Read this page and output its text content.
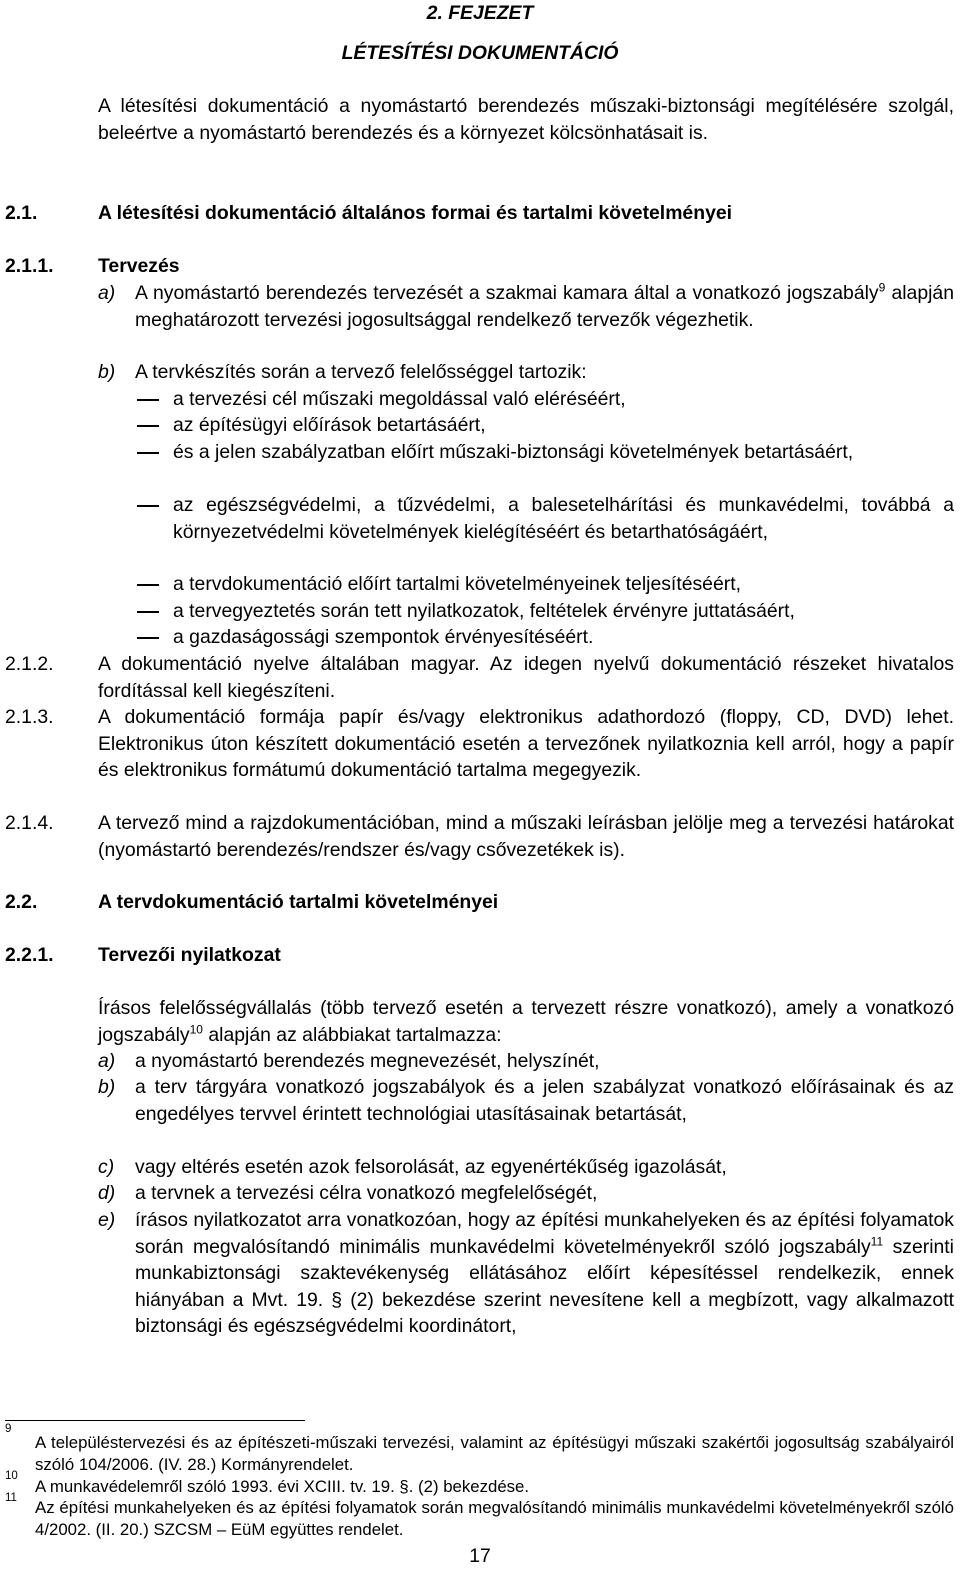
2. FEJEZET
LÉTESÍTÉSI DOKUMENTÁCIÓ
A létesítési dokumentáció a nyomástartó berendezés műszaki-biztonsági megítélésére szolgál, beleértve a nyomástartó berendezés és a környezet kölcsönhatásait is.
2.1.	A létesítési dokumentáció általános formai és tartalmi követelményei
2.1.1. Tervezés
a) A nyomástartó berendezés tervezését a szakmai kamara által a vonatkozó jogszabály$^9$ alapján meghatározott tervezési jogosultsággal rendelkező tervezők végezhetik.
b) A tervkészítés során a tervező felelősséggel tartozik:
a tervezési cél műszaki megoldással való eléréséért,
az építésügyi előírások betartásáért,
és a jelen szabályzatban előírt műszaki-biztonsági követelmények betartásáért,
az egészségvédelmi, a tűzvédelmi, a balesetelhárítási és munkavédelmi, továbbá a környezetvédelmi követelmények kielégítéséért és betarthatóságáért,
a tervdokumentáció előírt tartalmi követelményeinek teljesítéséért,
a tervegyeztetés során tett nyilatkozatok, feltételek érvényre juttatásáért,
a gazdaságossági szempontok érvényesítéséért.
2.1.2. A dokumentáció nyelve általában magyar. Az idegen nyelvű dokumentáció részeket hivatalos fordítással kell kiegészíteni.
2.1.3. A dokumentáció formája papír és/vagy elektronikus adathordozó (floppy, CD, DVD) lehet. Elektronikus úton készített dokumentáció esetén a tervezőnek nyilatkoznia kell arról, hogy a papír és elektronikus formátumú dokumentáció tartalma megegyezik.
2.1.4. A tervező mind a rajzdokumentációban, mind a műszaki leírásban jelölje meg a tervezési határokat (nyomástartó berendezés/rendszer és/vagy csővezetékek is).
2.2.	A tervdokumentáció tartalmi követelményei
2.2.1. Tervezői nyilatkozat
Írásos felelősségvállalás (több tervező esetén a tervezett részre vonatkozó), amely a vonatkozó jogszabály$^{10}$ alapján az alábbiakat tartalmazza:
a) a nyomástartó berendezés megnevezését, helyszínét,
b) a terv tárgyára vonatkozó jogszabályok és a jelen szabályzat vonatkozó előírásainak és az engedélyes tervvel érintett technológiai utasításainak betartását,
c) vagy eltérés esetén azok felsorolását, az egyenértékűség igazolását,
d) a tervnek a tervezési célra vonatkozó megfelelőségét,
e) írásos nyilatkozatot arra vonatkozóan, hogy az építési munkahelyeken és az építési folyamatok során megvalósítandó minimális munkavédelmi követelményekről szóló jogszabály$^{11}$ szerinti munkabiztonsági szaktevékenység ellátásához előírt képesítéssel rendelkezik, ennek hiányában a Mvt. 19. § (2) bekezdése szerint nevesítene kell a megbízott, vagy alkalmazott biztonsági és egészségvédelmi koordinátort,
9
A településtervezési és az építészeti-műszaki tervezési, valamint az építésügyi műszaki szakértői jogosultság szabályairól szóló 104/2006. (IV. 28.) Kormányrendelet.
10
A munkavédelemről szóló 1993. évi XCIII. tv. 19. §. (2) bekezdése.
11 Az építési munkahelyeken és az építési folyamatok során megvalósítandó minimális munkavédelmi követelményekről szóló 4/2002. (II. 20.) SZCSM – EüM együttes rendelet.
17
